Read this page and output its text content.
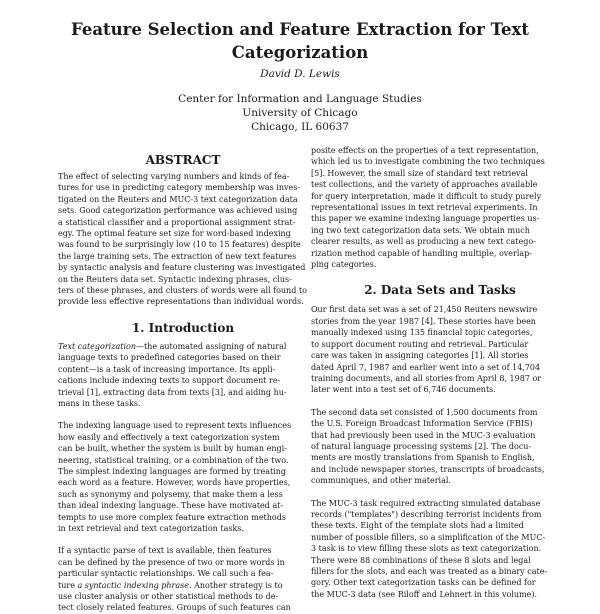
Feature Selection and Feature Extraction for Text
Categorization
David D. Lewis
Center for Information and Language Studies
University of Chicago
Chicago, IL 60637
ABSTRACT
The effect of selecting varying numbers and kinds of fea-
tures for use in predicting category membership was inves-
tigated on the Reuters and MUC-3 text categorization data
sets. Good categorization performance was achieved using
a statistical classifier and a proportional assignment strat-
egy. The optimal feature set size for word-based indexing
was found to be surprisingly low (10 to 15 features) despite
the large training sets. The extraction of new text features
by syntactic analysis and feature clustering was investigated
on the Reuters data set. Syntactic indexing phrases, clus-
ters of these phrases, and clusters of words were all found to
provide less effective representations than individual words.
1. Introduction
Text categorization—the automated assigning of natural
language texts to predefined categories based on their
content—is a task of increasing importance. Its appli-
cations include indexing texts to support document re-
trieval [1], extracting data from texts [3], and aiding hu-
mans in these tasks.
The indexing language used to represent texts influences
how easily and effectively a text categorization system
can be built, whether the system is built by human engi-
neering, statistical training, or a combination of the two.
The simplest indexing languages are formed by treating
each word as a feature. However, words have properties,
such as synonymy and polysemy, that make them a less
than ideal indexing language. These have motivated at-
tempts to use more complex feature extraction methods
in text retrieval and text categorization tasks.
If a syntactic parse of text is available, then features
can be defined by the presence of two or more words in
particular syntactic relationships. We call such a fea-
ture a syntactic indexing phrase. Another strategy is to
use cluster analysis or other statistical methods to de-
tect closely related features. Groups of such features can
posite effects on the properties of a text representation,
which led us to investigate combining the two techniques
[5]. However, the small size of standard text retrieval
test collections, and the variety of approaches available
for query interpretation, made it difficult to study purely
representational issues in text retrieval experiments. In
this paper we examine indexing language properties us-
ing two text categorization data sets. We obtain much
clearer results, as well as producing a new text catego-
rization method capable of handling multiple, overlap-
ping categories.
2. Data Sets and Tasks
Our first data set was a set of 21,450 Reuters newswire
stories from the year 1987 [4]. These stories have been
manually indexed using 135 financial topic categories,
to support document routing and retrieval. Particular
care was taken in assigning categories [1]. All stories
dated April 7, 1987 and earlier went into a set of 14,704
training documents, and all stories from April 8, 1987 or
later went into a test set of 6,746 documents.
The second data set consisted of 1,500 documents from
the U.S. Foreign Broadcast Information Service (FBIS)
that had previously been used in the MUC-3 evaluation
of natural language processing systems [2]. The docu-
ments are mostly translations from Spanish to English,
and include newspaper stories, transcripts of broadcasts,
communiques, and other material.
The MUC-3 task required extracting simulated database
records ("templates") describing terrorist incidents from
these texts. Eight of the template slots had a limited
number of possible fillers, so a simplification of the MUC-
3 task is to view filling these slots as text categorization.
There were 88 combinations of these 8 slots and legal
fillers for the slots, and each was treated as a binary cate-
gory. Other text categorization tasks can be defined for
the MUC-3 data (see Riloff and Lehnert in this volume).
